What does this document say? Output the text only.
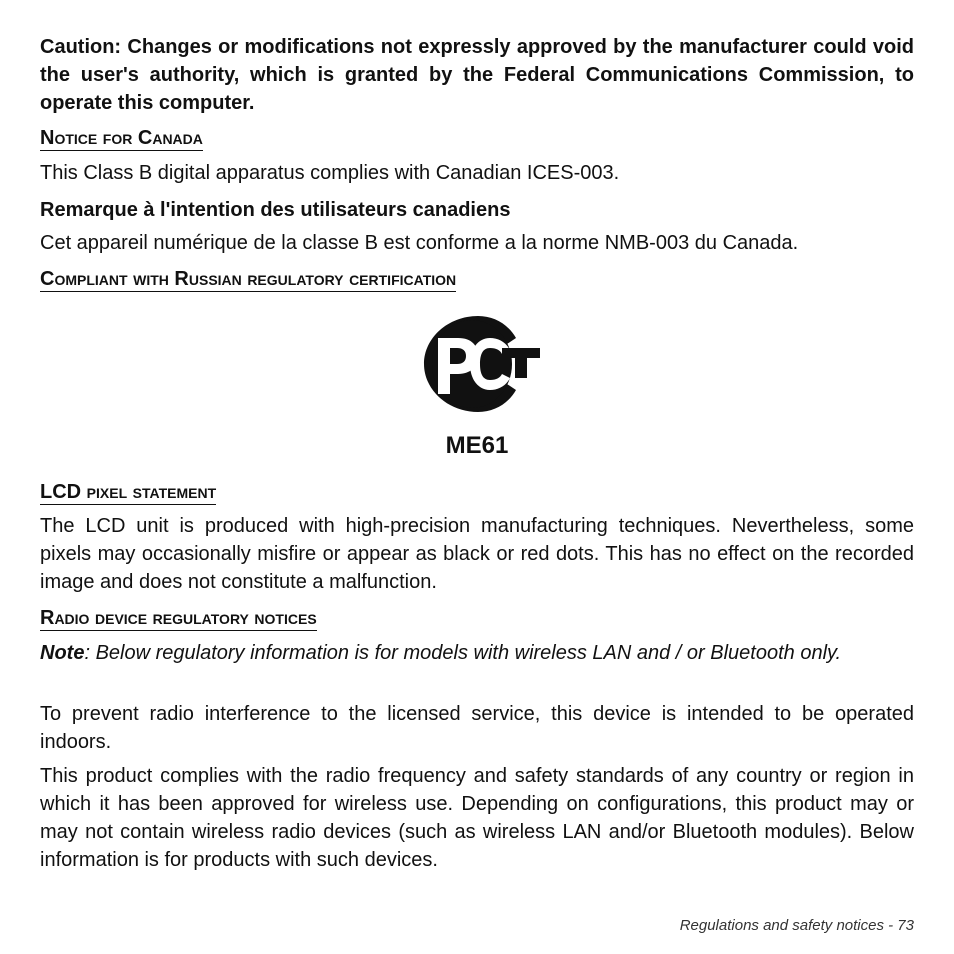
Caution: Changes or modifications not expressly approved by the manufacturer could void the user's authority, which is granted by the Federal Communications Commission, to operate this computer.

Notice for Canada

This Class B digital apparatus complies with Canadian ICES-003.

Remarque à l'intention des utilisateurs canadiens

Cet appareil numérique de la classe B est conforme a la norme NMB-003 du Canada.

Compliant with Russian regulatory certification
ME61
LCD pixel statement

The LCD unit is produced with high-precision manufacturing techniques. Nevertheless, some pixels may occasionally misfire or appear as black or red dots. This has no effect on the recorded image and does not constitute a malfunction.

Radio device regulatory notices

Note: Below regulatory information is for models with wireless LAN and / or Bluetooth only.

To prevent radio interference to the licensed service, this device is intended to be operated indoors.

This product complies with the radio frequency and safety standards of any country or region in which it has been approved for wireless use. Depending on configurations, this product may or may not contain wireless radio devices (such as wireless LAN and/or Bluetooth modules). Below information is for products with such devices.

Regulations and safety notices - 73
